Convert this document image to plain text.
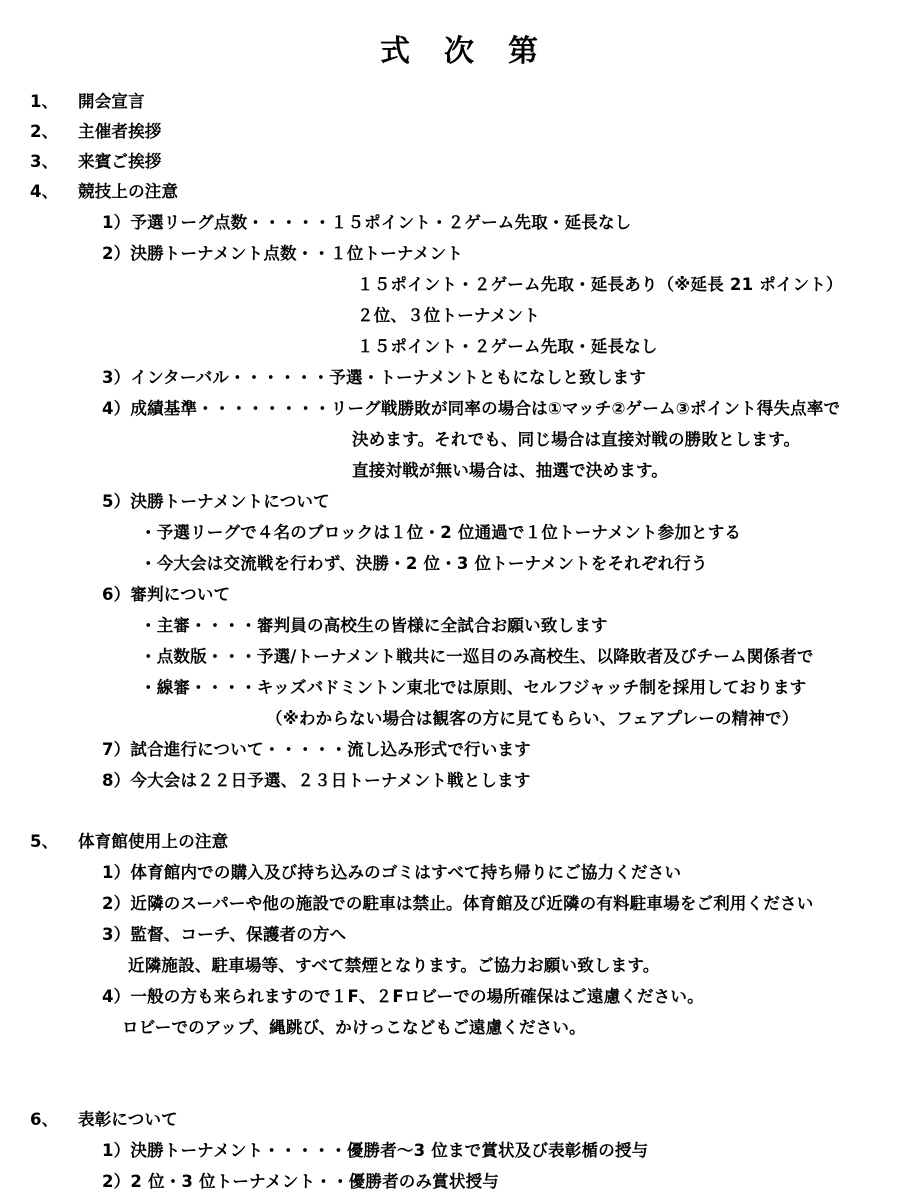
式　次　第
1、 開会宣言
2、 主催者挨拶
3、 来賓ご挨拶
4、 競技上の注意
1）予選リーグ点数・・・・・１５ポイント・２ゲーム先取・延長なし
2）決勝トーナメント点数・・１位トーナメント
１５ポイント・２ゲーム先取・延長あり（※延長 21 ポイント）
２位、３位トーナメント
１５ポイント・２ゲーム先取・延長なし
3）インターバル・・・・・・予選・トーナメントともになしと致します
4）成績基準・・・・・・・・リーグ戦勝敗が同率の場合は①マッチ②ゲーム③ポイント得失点率で
決めます。それでも、同じ場合は直接対戦の勝敗とします。
直接対戦が無い場合は、抽選で決めます。
5）決勝トーナメントについて
・予選リーグで４名のブロックは１位・2 位通過で１位トーナメント参加とする
・今大会は交流戦を行わず、決勝・2 位・3 位トーナメントをそれぞれ行う
6）審判について
・主審・・・・審判員の高校生の皆様に全試合お願い致します
・点数版・・・予選/トーナメント戦共に一巡目のみ高校生、以降敗者及びチーム関係者で
・線審・・・・キッズバドミントン東北では原則、セルフジャッチ制を採用しております
（※わからない場合は観客の方に見てもらい、フェアプレーの精神で）
7）試合進行について・・・・・流し込み形式で行います
8）今大会は２２日予選、２３日トーナメント戦とします
5、 体育館使用上の注意
1）体育館内での購入及び持ち込みのゴミはすべて持ち帰りにご協力ください
2）近隣のスーパーや他の施設での駐車は禁止。体育館及び近隣の有料駐車場をご利用ください
3）監督、コーチ、保護者の方へ
近隣施設、駐車場等、すべて禁煙となります。ご協力お願い致します。
4）一般の方も来られますので１F、２Fロビーでの場所確保はご遠慮ください。
ロビーでのアップ、縄跳び、かけっこなどもご遠慮ください。
6、 表彰について
1）決勝トーナメント・・・・・優勝者～3 位まで賞状及び表彰楯の授与
2）2 位・3 位トーナメント・・優勝者のみ賞状授与
